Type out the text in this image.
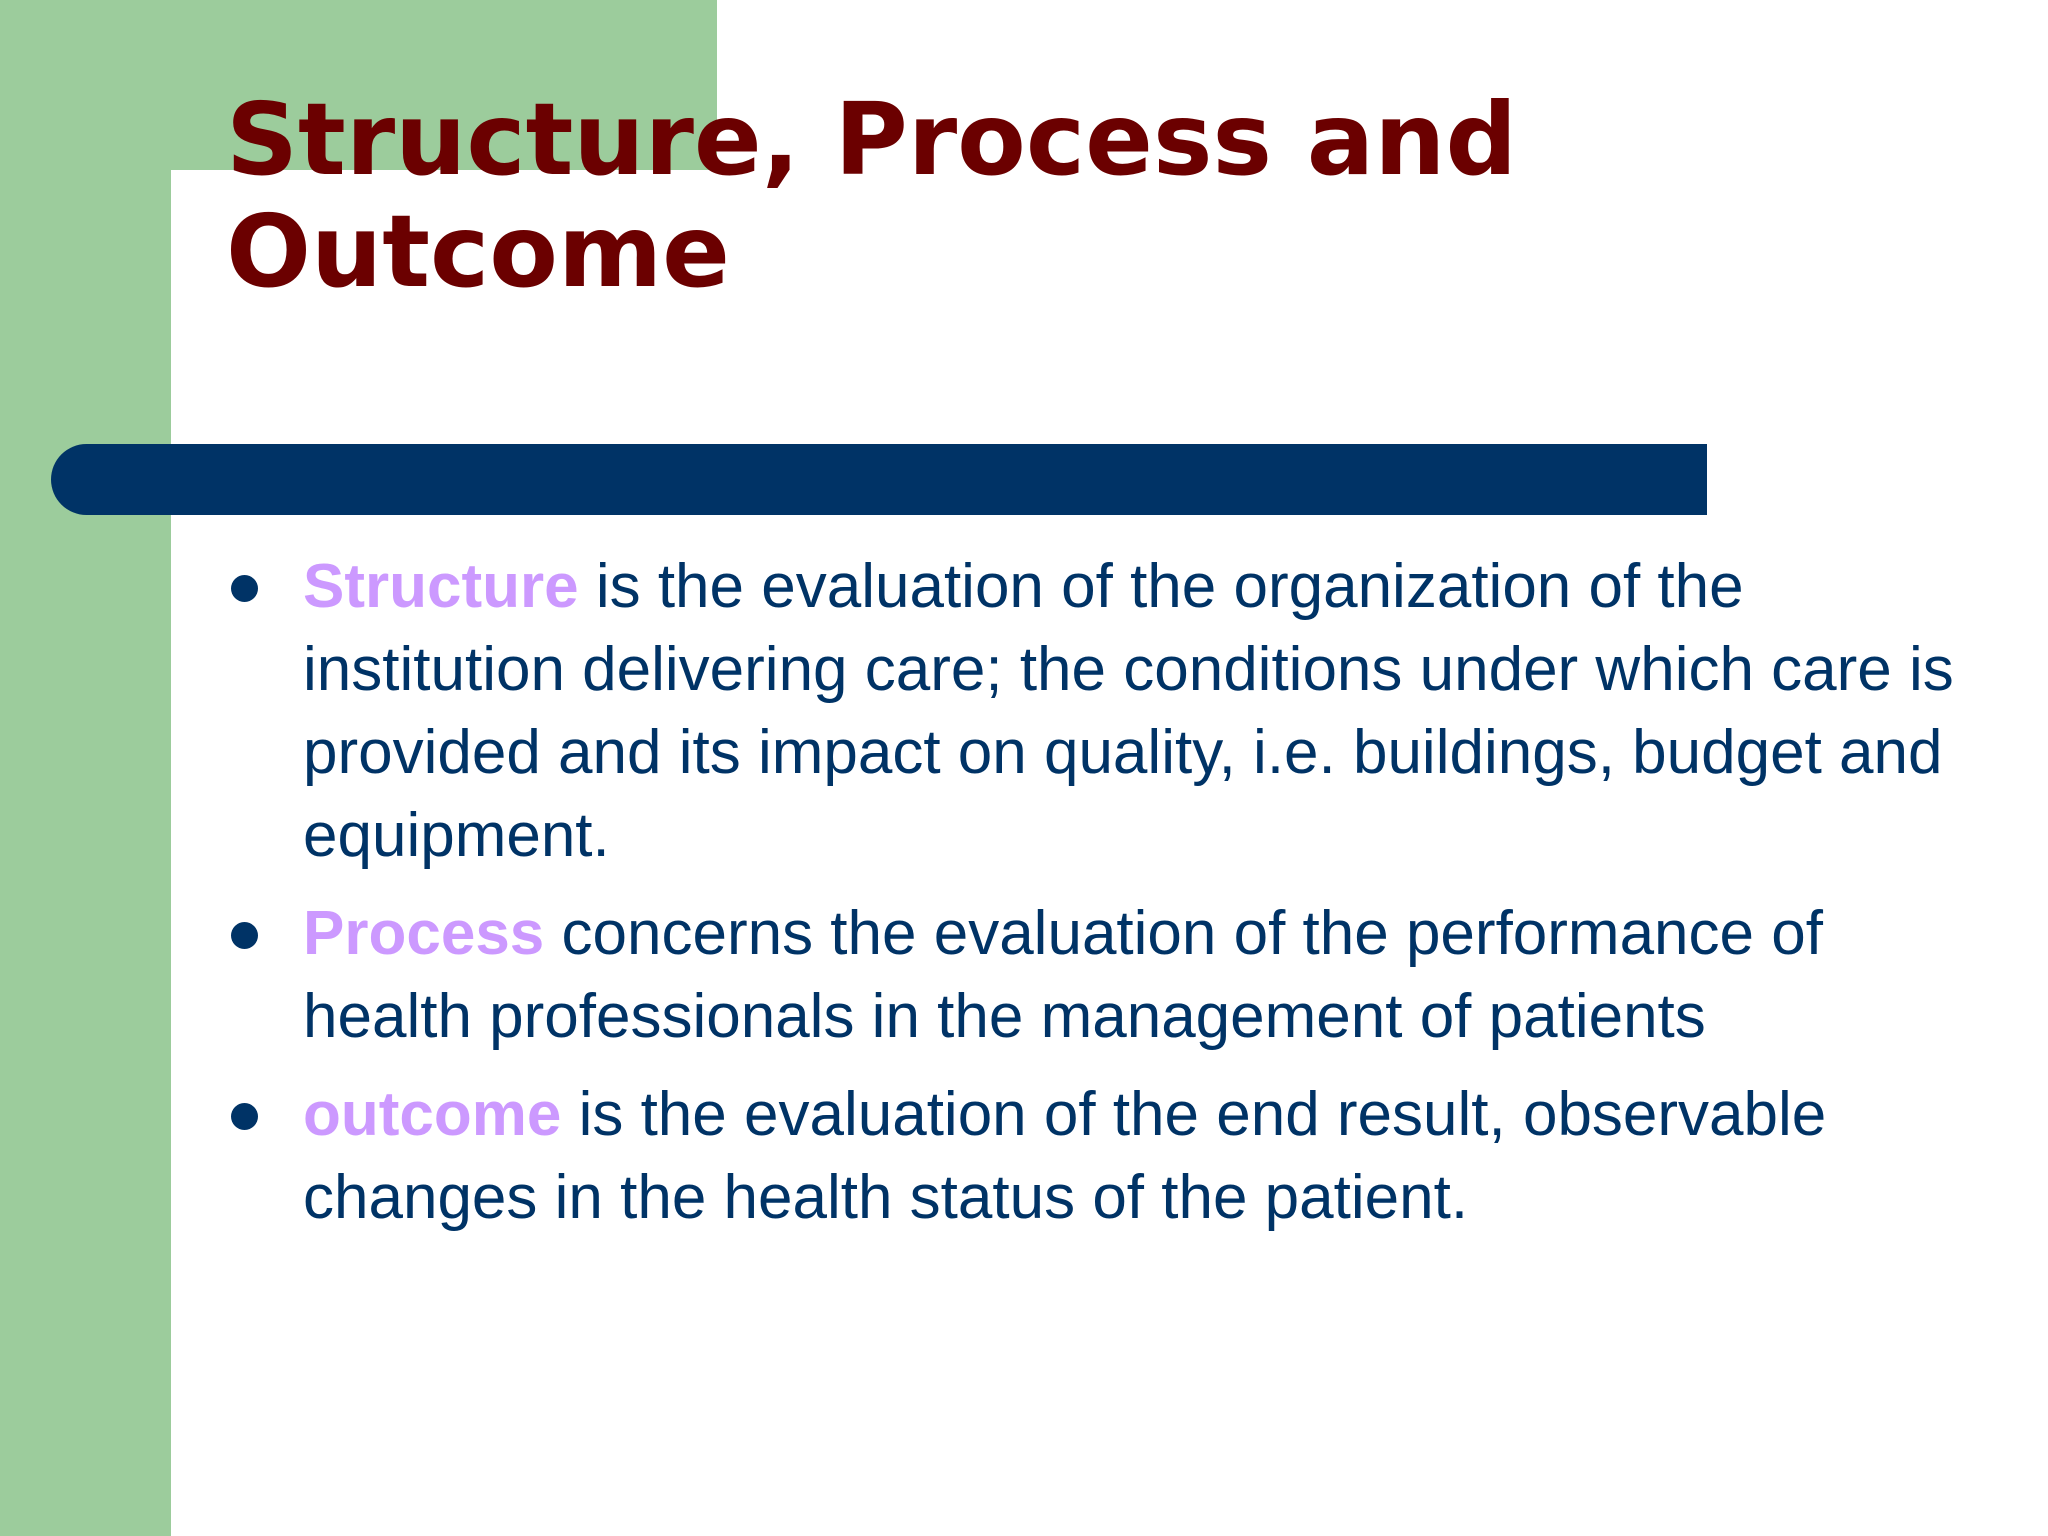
Structure, Process and Outcome
Structure is the evaluation of the organization of the institution delivering care; the conditions under which care is provided and its impact on quality, i.e. buildings, budget and equipment.
Process concerns the evaluation of the performance of health professionals in the management of patients
outcome is the evaluation of the end result, observable changes in the health status of the patient.
